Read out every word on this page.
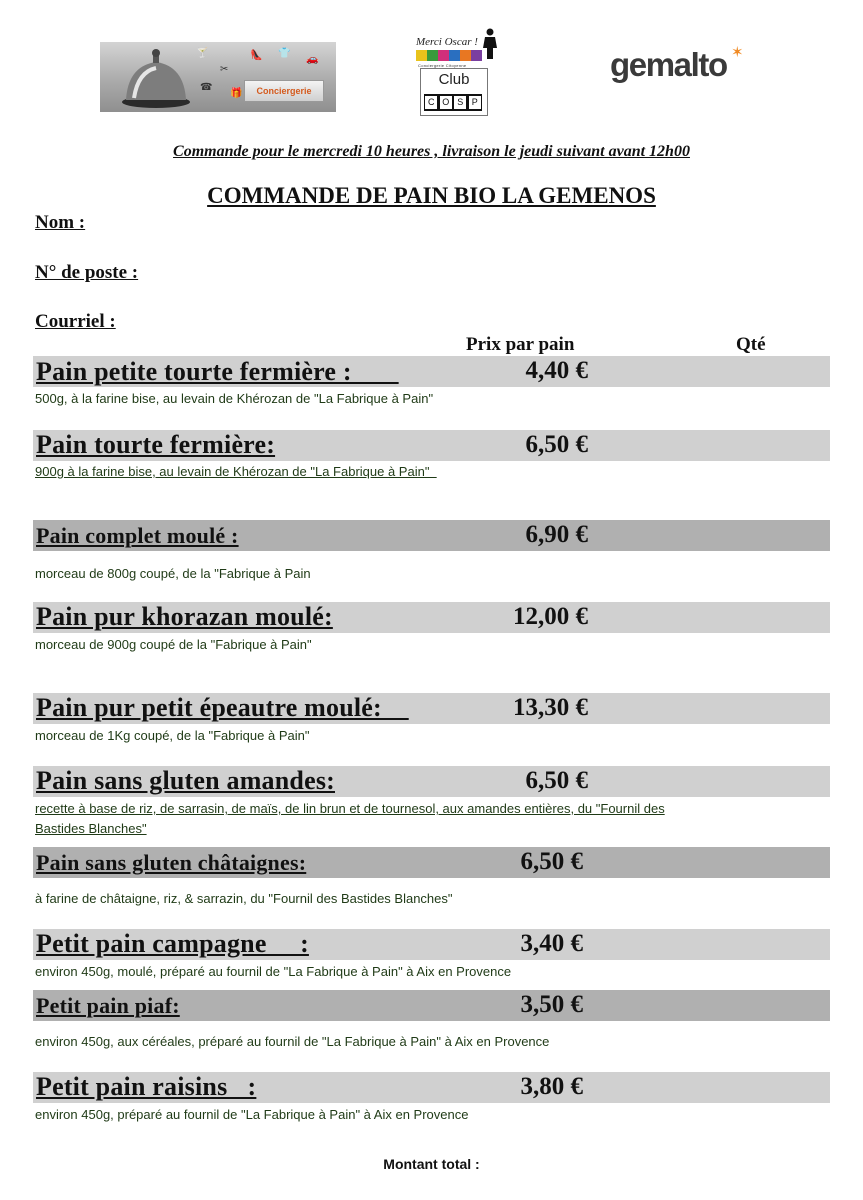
🍸	👠 👕
🚗
✂
☎
🎁	Conciergerie
Merci Oscar !
Conciergerie Citoyenne
Club
C O S P
gemalto ✶
Commande pour le mercredi 10 heures , livraison le jeudi suivant avant 12h00
COMMANDE DE PAIN BIO LA GEMENOS
Nom :
N° de poste :
Courriel :
Prix par pain	Qté
Pain petite tourte fermière :	4,40 €
500g, à la farine bise, au levain de Khérozan de "La Fabrique à Pain"
Pain tourte fermière:	6,50 €
900g à la farine bise, au levain de Khérozan de "La Fabrique à Pain"
Pain complet moulé :	6,90 €
morceau de 800g coupé, de la "Fabrique à Pain
Pain pur khorazan moulé:	12,00 €
morceau de 900g coupé de la "Fabrique à Pain"
Pain pur petit épeautre moulé:	13,30 €
morceau de 1Kg coupé, de la "Fabrique à Pain"
Pain sans gluten amandes:	6,50 €
recette à base de riz, de sarrasin, de maïs, de lin brun et de tournesol, aux amandes entières, du "Fournil des
Bastides Blanches"
Pain sans gluten châtaignes:	6,50 €
à farine de châtaigne, riz, & sarrazin, du "Fournil des Bastides Blanches"
Petit pain campagne     :	3,40 €
environ 450g, moulé, préparé au fournil de "La Fabrique à Pain" à Aix en Provence
Petit pain piaf:	3,50 €
environ 450g, aux céréales, préparé au fournil de "La Fabrique à Pain" à Aix en Provence
Petit pain raisins   :	3,80 €
environ 450g, préparé au fournil de "La Fabrique à Pain" à Aix en Provence
Montant total :
